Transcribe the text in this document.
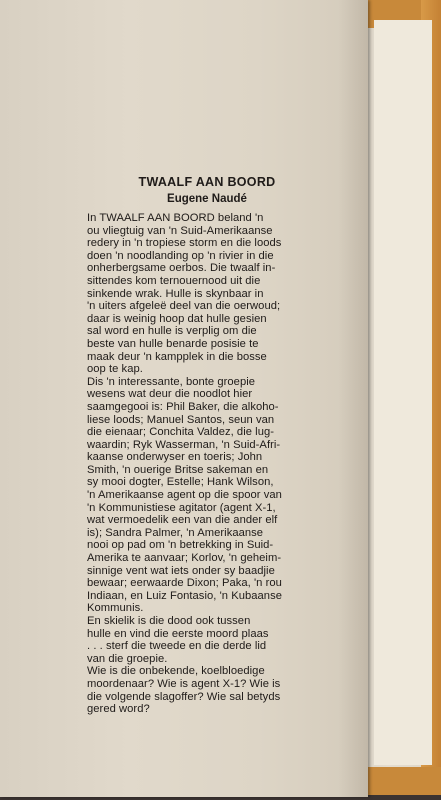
TWAALF AAN BOORD
Eugene Naudé

In TWAALF AAN BOORD beland 'n
ou vliegtuig van 'n Suid-Amerikaanse
redery in 'n tropiese storm en die loods
doen 'n noodlanding op 'n rivier in die
onherbergsame oerbos. Die twaalf in-
sittendes kom ternouernood uit die
sinkende wrak. Hulle is skynbaar in
'n uiters afgeleë deel van die oerwoud;
daar is weinig hoop dat hulle gesien
sal word en hulle is verplig om die
beste van hulle benarde posisie te
maak deur 'n kampplek in die bosse
oop te kap.

Dis 'n interessante, bonte groepie
wesens wat deur die noodlot hier
saamgegooi is: Phil Baker, die alkoho-
liese loods; Manuel Santos, seun van
die eienaar; Conchita Valdez, die lug-
waardin; Ryk Wasserman, 'n Suid-Afri-
kaanse onderwyser en toeris; John
Smith, 'n ouerige Britse sakeman en
sy mooi dogter, Estelle; Hank Wilson,
'n Amerikaanse agent op die spoor van
'n Kommunistiese agitator (agent X-1,
wat vermoedelik een van die ander elf
is); Sandra Palmer, 'n Amerikaanse
nooi op pad om 'n betrekking in Suid-
Amerika te aanvaar; Korlov, 'n geheim-
sinnige vent wat iets onder sy baadjie
bewaar; eerwaarde Dixon; Paka, 'n rou
Indiaan, en Luiz Fontasio, 'n Kubaanse
Kommunis.

En skielik is die dood ook tussen
hulle en vind die eerste moord plaas
. . . sterf die tweede en die derde lid
van die groepie.

Wie is die onbekende, koelbloedige
moordenaar? Wie is agent X-1? Wie is
die volgende slagoffer? Wie sal betyds
gered word?
